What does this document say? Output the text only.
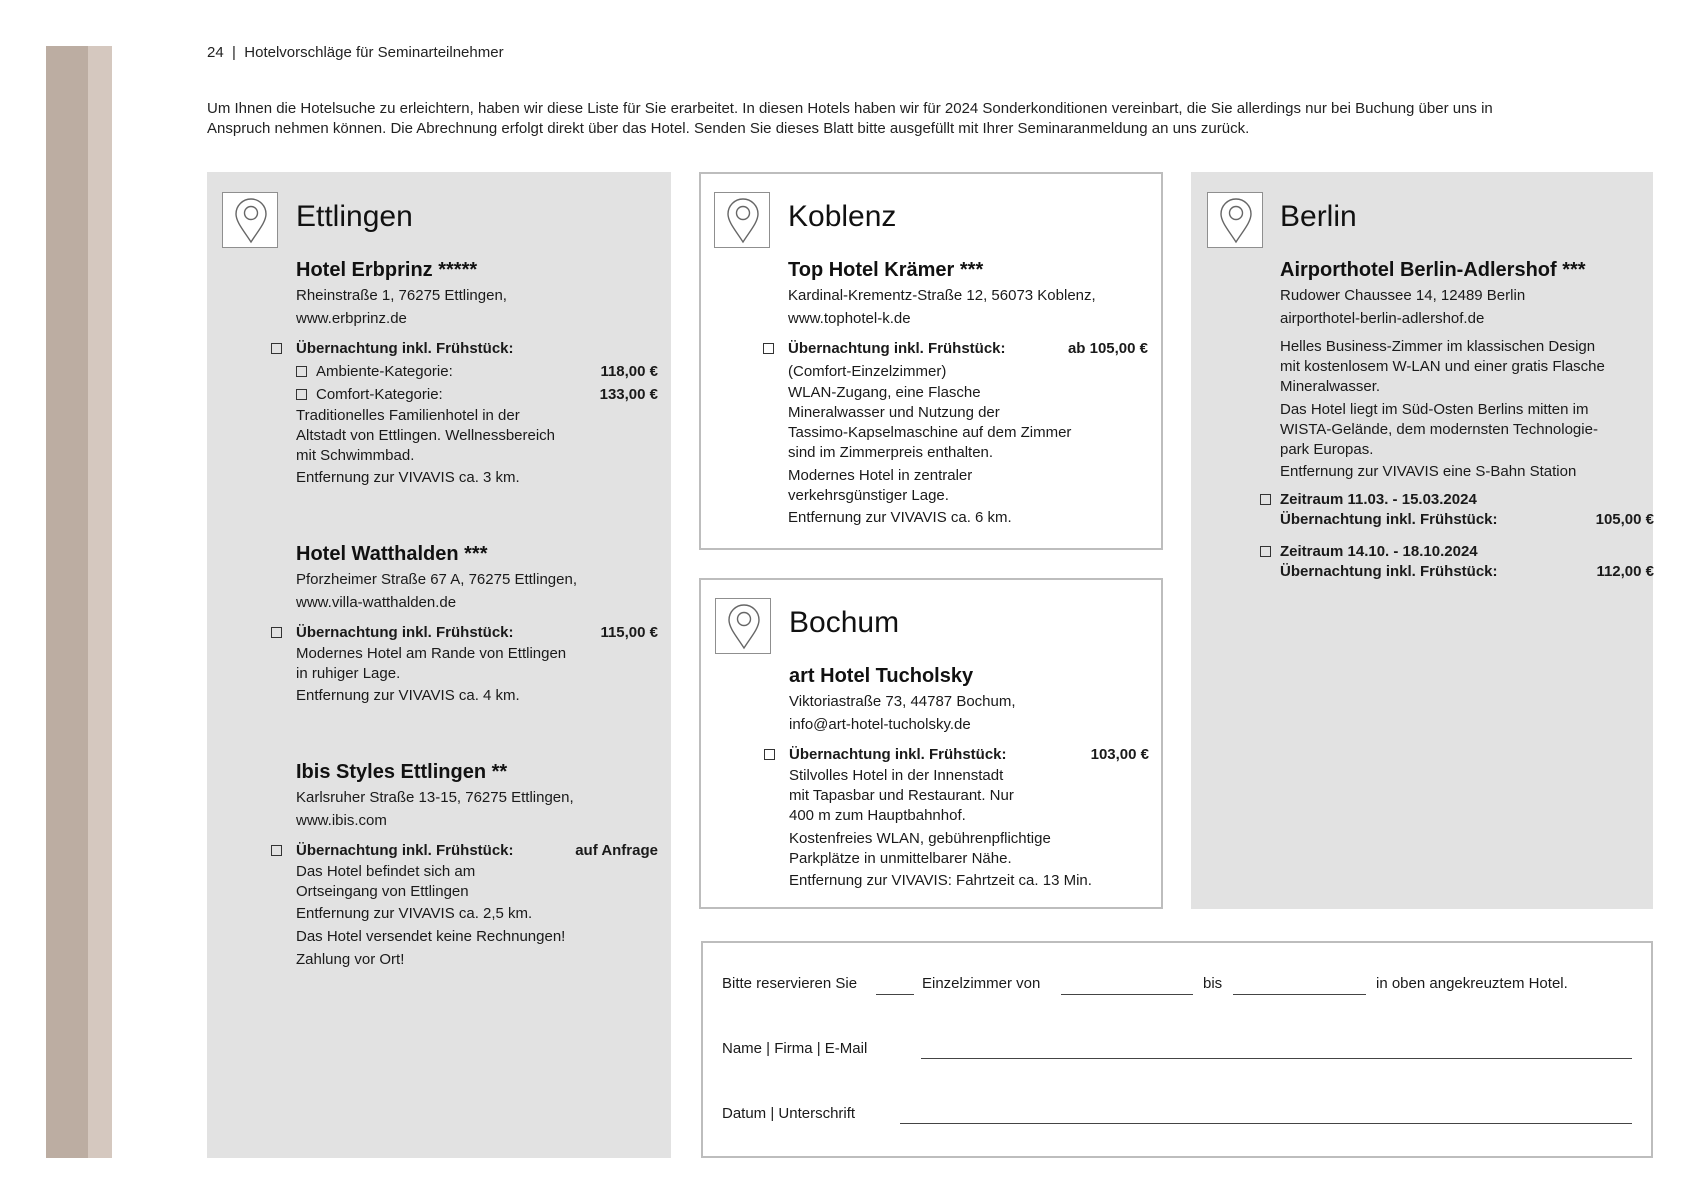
24 | Hotelvorschläge für Seminarteilnehmer

Um Ihnen die Hotelsuche zu erleichtern, haben wir diese Liste für Sie erarbeitet. In diesen Hotels haben wir für 2024 Sonderkonditionen vereinbart, die Sie allerdings nur bei Buchung über uns in

Anspruch nehmen können. Die Abrechnung erfolgt direkt über das Hotel. Senden Sie dieses Blatt bitte ausgefüllt mit Ihrer Seminaranmeldung an uns zurück.

Ettlingen
Hotel Erbprinz *****
Rheinstraße 1, 76275 Ettlingen,
www.erbprinz.de
Übernachtung inkl. Frühstück:
Ambiente-Kategorie:	118,00 €
Comfort-Kategorie:	133,00 €
Traditionelles Familienhotel in der
Altstadt von Ettlingen. Wellnessbereich
mit Schwimmbad.
Entfernung zur VIVAVIS ca. 3 km.
Hotel Watthalden ***
Pforzheimer Straße 67 A, 76275 Ettlingen,
www.villa-watthalden.de
Übernachtung inkl. Frühstück:	115,00 €
Modernes Hotel am Rande von Ettlingen
in ruhiger Lage.
Entfernung zur VIVAVIS ca. 4 km.
Ibis Styles Ettlingen **
Karlsruher Straße 13-15, 76275 Ettlingen,
www.ibis.com
Übernachtung inkl. Frühstück:	auf Anfrage
Das Hotel befindet sich am
Ortseingang von Ettlingen
Entfernung zur VIVAVIS ca. 2,5 km.
Das Hotel versendet keine Rechnungen!
Zahlung vor Ort!
Koblenz
Top Hotel Krämer ***
Kardinal-Krementz-Straße 12, 56073 Koblenz,
www.tophotel-k.de
Übernachtung inkl. Frühstück:	ab 105,00 €
(Comfort-Einzelzimmer)
WLAN-Zugang, eine Flasche
Mineralwasser und Nutzung der
Tassimo-Kapselmaschine auf dem Zimmer
sind im Zimmerpreis enthalten.
Modernes Hotel in zentraler
verkehrsgünstiger Lage.
Entfernung zur VIVAVIS ca. 6 km.
Bochum
art Hotel Tucholsky
Viktoriastraße 73, 44787 Bochum,
info@art-hotel-tucholsky.de
Übernachtung inkl. Frühstück:	103,00 €
Stilvolles Hotel in der Innenstadt
mit Tapasbar und Restaurant. Nur
400 m zum Hauptbahnhof.
Kostenfreies WLAN, gebührenpflichtige
Parkplätze in unmittelbarer Nähe.
Entfernung zur VIVAVIS: Fahrtzeit ca. 13 Min.
Berlin
Airporthotel Berlin-Adlershof ***
Rudower Chaussee 14, 12489 Berlin
airporthotel-berlin-adlershof.de
Helles Business-Zimmer im klassischen Design
mit kostenlosem W-LAN und einer gratis Flasche
Mineralwasser.
Das Hotel liegt im Süd-Osten Berlins mitten im
WISTA-Gelände, dem modernsten Technologie-
park Europas.
Entfernung zur VIVAVIS eine S-Bahn Station
Zeitraum 11.03. - 15.03.2024
Übernachtung inkl. Frühstück:	105,00 €
Zeitraum 14.10. - 18.10.2024
Übernachtung inkl. Frühstück:	112,00 €
Bitte reservieren Sie	Einzelzimmer von	bis	in oben angekreuztem Hotel.
Name | Firma | E-Mail
Datum | Unterschrift
